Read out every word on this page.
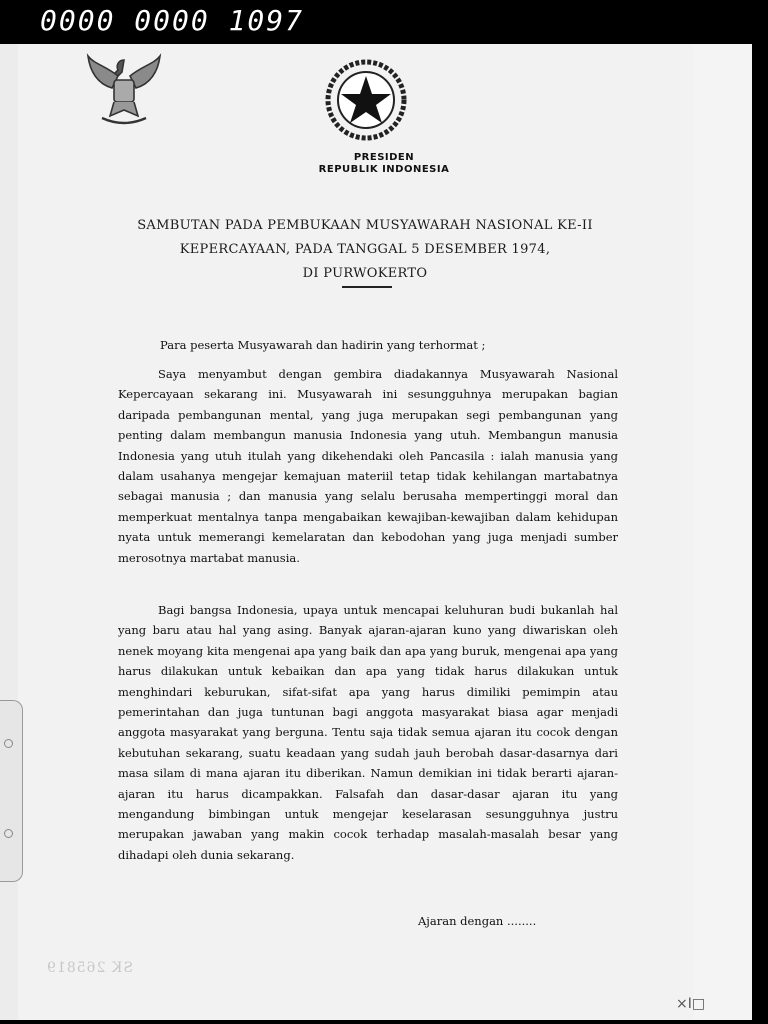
0000 0000 1097
PRESIDEN
REPUBLIK INDONESIA
SAMBUTAN PADA PEMBUKAAN MUSYAWARAH NASIONAL KE-II
KEPERCAYAAN, PADA TANGGAL 5 DESEMBER 1974,
DI PURWOKERTO
Para peserta Musyawarah dan hadirin yang terhormat ;
Saya menyambut dengan gembira diadakannya Musyawarah Nasional Kepercayaan sekarang ini. Musyawarah ini sesungguhnya merupakan bagian daripada pembangunan mental, yang juga merupakan segi pembangunan yang penting dalam membangun manusia Indonesia yang utuh. Membangun manusia Indonesia yang utuh itulah yang dikehendaki oleh Pancasila : ialah manusia yang dalam usahanya mengejar kemajuan materiil tetap tidak kehilangan martabatnya sebagai manusia ; dan manusia yang selalu berusaha mempertinggi moral dan memperkuat mentalnya tanpa mengabaikan kewajiban-kewajiban dalam kehidupan nyata untuk memerangi kemelaratan dan kebodohan yang juga menjadi sumber merosotnya martabat manusia.
Bagi bangsa Indonesia, upaya untuk mencapai keluhuran budi bukanlah hal yang baru atau hal yang asing. Banyak ajaran-ajaran kuno yang diwariskan oleh nenek moyang kita mengenai apa yang baik dan apa yang buruk, mengenai apa yang harus dilakukan untuk kebaikan dan apa yang tidak harus dilakukan untuk menghindari keburukan, sifat-sifat apa yang harus dimiliki pemimpin atau pemerintahan dan juga tuntunan bagi anggota masyarakat biasa agar menjadi anggota masyarakat yang berguna. Tentu saja tidak semua ajaran itu cocok dengan kebutuhan sekarang, suatu keadaan yang sudah jauh berobah dasar-dasarnya dari masa silam di mana ajaran itu diberikan. Namun demikian ini tidak berarti ajaran-ajaran itu harus dicampakkan. Falsafah dan dasar-dasar ajaran itu yang mengandung bimbingan untuk mengejar keselarasan sesungguhnya justru merupakan jawaban yang makin cocok terhadap masalah-masalah besar yang dihadapi oleh dunia sekarang.
Ajaran dengan ........
SK 265819
×I□
